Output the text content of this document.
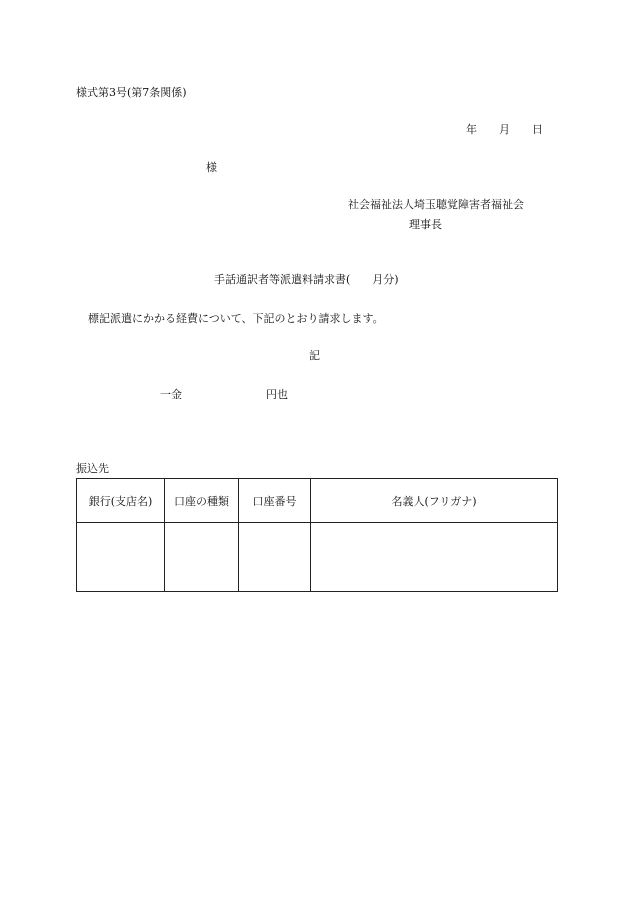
様式第3号(第7条関係)
年　　月　　日
様
社会福祉法人埼玉聴覚障害者福祉会
理事長
手話通訳者等派遣料請求書(　　月分)
標記派遣にかかる経費について、下記のとおり請求します。
記
一金	円也
振込先
銀行(支店名)	口座の種類	口座番号	名義人(フリガナ)
